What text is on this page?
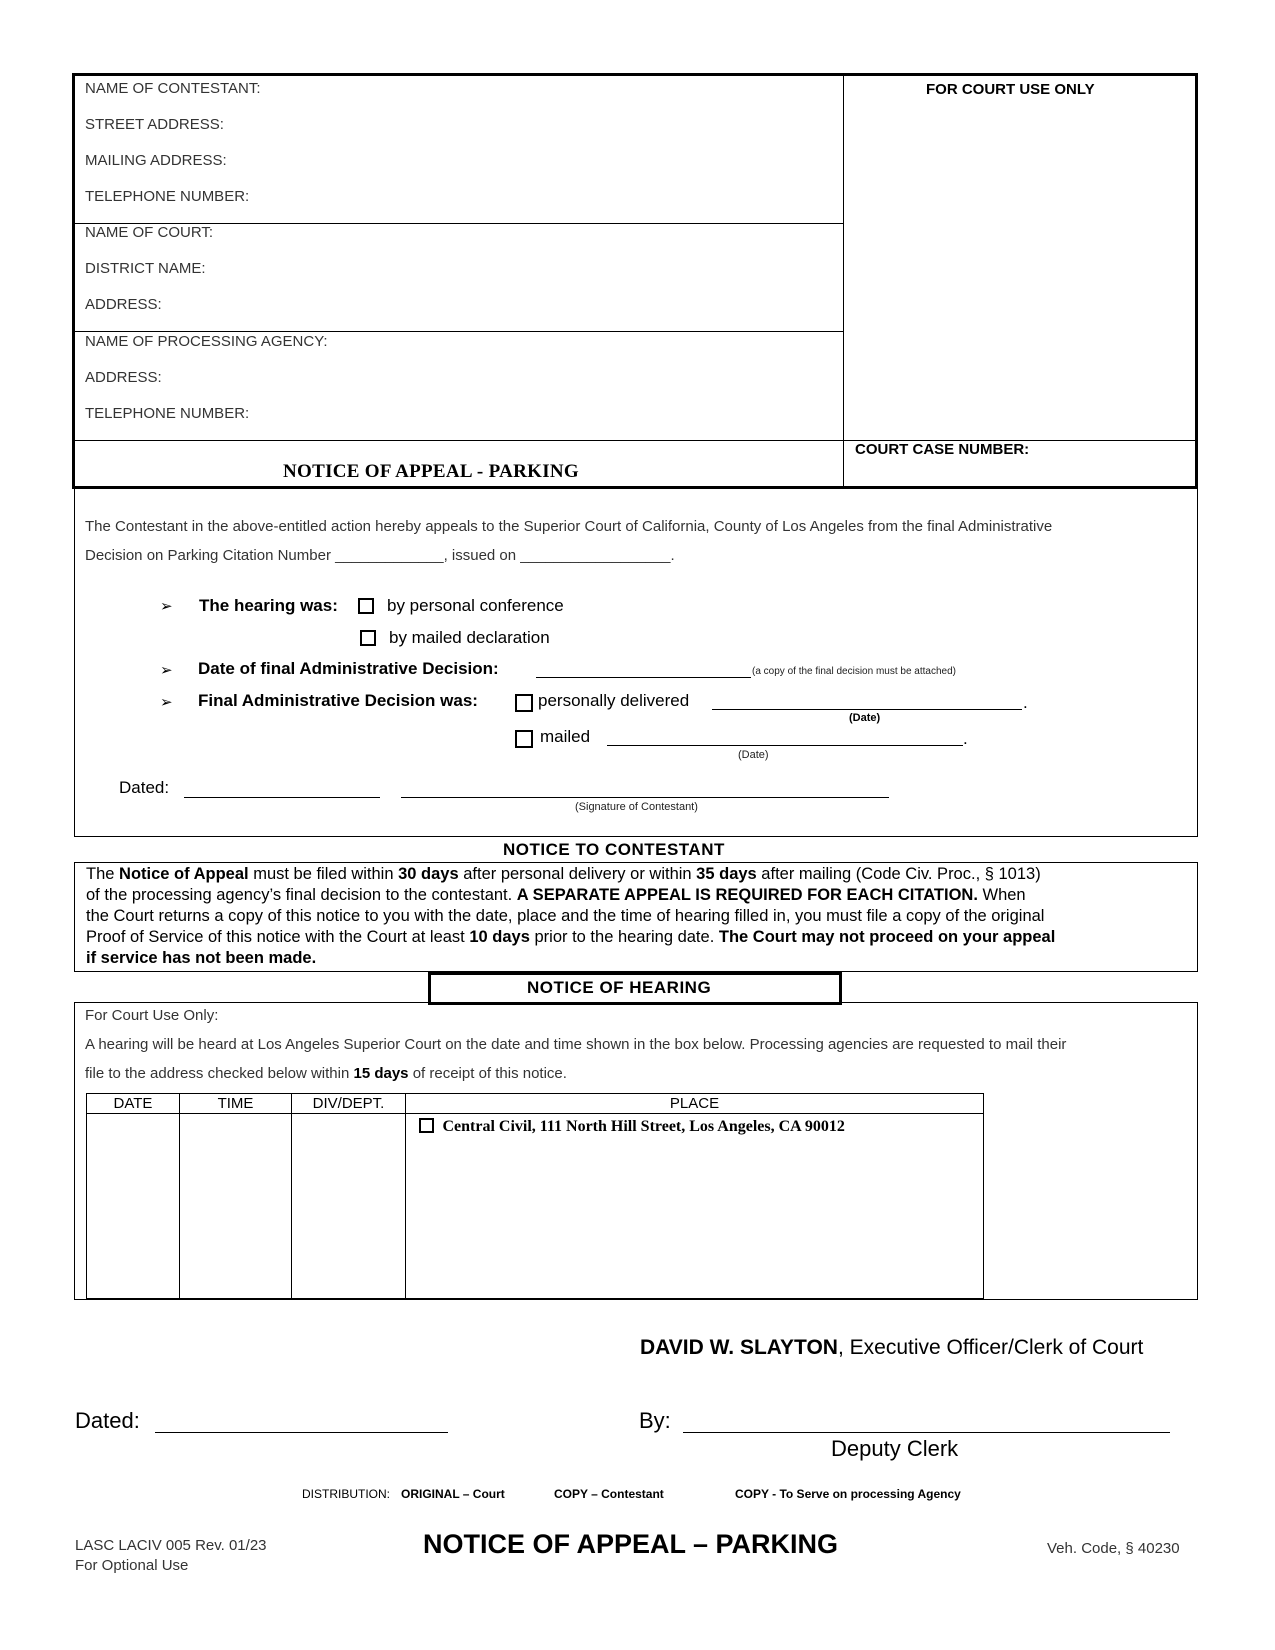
NAME OF CONTESTANT:
STREET ADDRESS:
MAILING ADDRESS:
TELEPHONE NUMBER:
NAME OF COURT:
DISTRICT NAME:
ADDRESS:
NAME OF PROCESSING AGENCY:
ADDRESS:
TELEPHONE NUMBER:
FOR COURT USE ONLY
COURT CASE NUMBER:
NOTICE OF APPEAL - PARKING
The Contestant in the above-entitled action hereby appeals to the Superior Court of California, County of Los Angeles from the final Administrative
Decision on Parking Citation Number _____________, issued on __________________.
➢ The hearing was:	by personal conference
by mailed declaration
➢ Date of final Administrative Decision:	(a copy of the final decision must be attached)
➢ Final Administrative Decision was:	personally delivered	.
(Date)
mailed	.
(Date)
Dated:
(Signature of Contestant)
NOTICE TO CONTESTANT
The Notice of Appeal must be filed within 30 days after personal delivery or within 35 days after mailing (Code Civ. Proc., § 1013)
of the processing agency’s final decision to the contestant. A SEPARATE APPEAL IS REQUIRED FOR EACH CITATION. When
the Court returns a copy of this notice to you with the date, place and the time of hearing filled in, you must file a copy of the original
Proof of Service of this notice with the Court at least 10 days prior to the hearing date. The Court may not proceed on your appeal
if service has not been made.
NOTICE OF HEARING
For Court Use Only:
A hearing will be heard at Los Angeles Superior Court on the date and time shown in the box below. Processing agencies are requested to mail their
file to the address checked below within 15 days of receipt of this notice.
DATE	TIME	DIV/DEPT.	PLACE
			Central Civil, 111 North Hill Street, Los Angeles, CA 90012
DAVID W. SLAYTON, Executive Officer/Clerk of Court
Dated:	By:
Deputy Clerk
DISTRIBUTION: ORIGINAL – Court	COPY – Contestant	COPY - To Serve on processing Agency
LASC LACIV 005 Rev. 01/23
For Optional Use
NOTICE OF APPEAL – PARKING	Veh. Code, § 40230
